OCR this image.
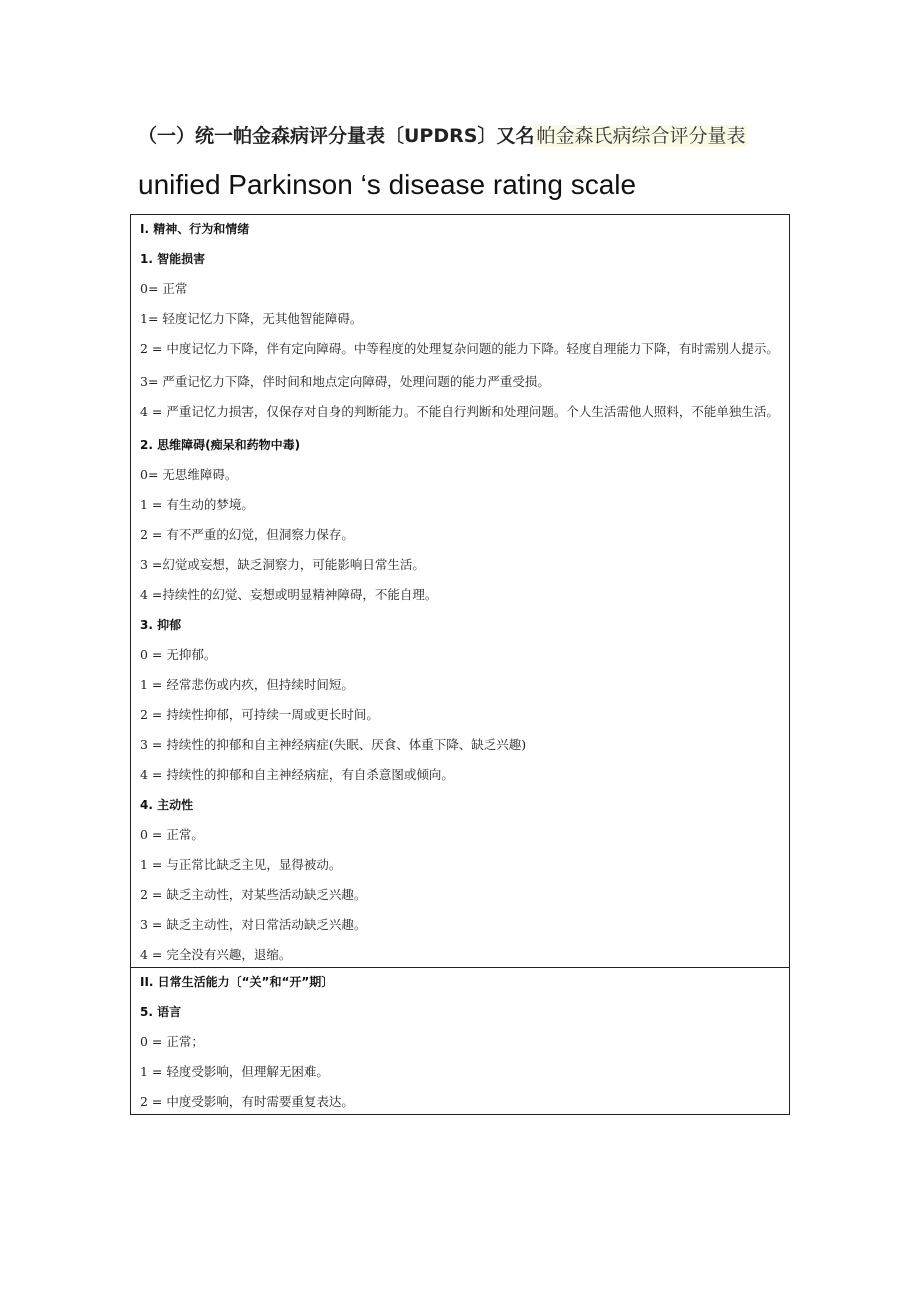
（一）统一帕金森病评分量表〔UPDRS〕又名 帕金森氏病综合评分量表
unified Parkinson ‘s disease rating scale
I. 精神、行为和情绪
1. 智能损害
0= 正常
1= 轻度记忆力下降，无其他智能障碍。
2 = 中度记忆力下降，伴有定向障碍。中等程度的处理复杂问题的能力下降。轻度自理能力下降，有时需别人提示。
3= 严重记忆力下降，伴时间和地点定向障碍，处理问题的能力严重受损。
4 = 严重记忆力损害，仅保存对自身的判断能力。不能自行判断和处理问题。个人生活需他人照料，不能单独生活。
2. 思维障碍(痴呆和药物中毒)
0= 无思维障碍。
1 = 有生动的梦境。
2 = 有不严重的幻觉，但洞察力保存。
3 =幻觉或妄想，缺乏洞察力，可能影响日常生活。
4 =持续性的幻觉、妄想或明显精神障碍，不能自理。
3. 抑郁
0 = 无抑郁。
1 = 经常悲伤或内疚，但持续时间短。
2 = 持续性抑郁，可持续一周或更长时间。
3 = 持续性的抑郁和自主神经病症(失眠、厌食、体重下降、缺乏兴趣)
4 = 持续性的抑郁和自主神经病症，有自杀意图或倾向。
4. 主动性
0 = 正常。
1 = 与正常比缺乏主见，显得被动。
2 = 缺乏主动性，对某些活动缺乏兴趣。
3 = 缺乏主动性，对日常活动缺乏兴趣。
4 = 完全没有兴趣，退缩。
II. 日常生活能力〔“关”和“开”期〕
5. 语言
0 = 正常；
1 = 轻度受影响，但理解无困难。
2 = 中度受影响，有时需要重复表达。
